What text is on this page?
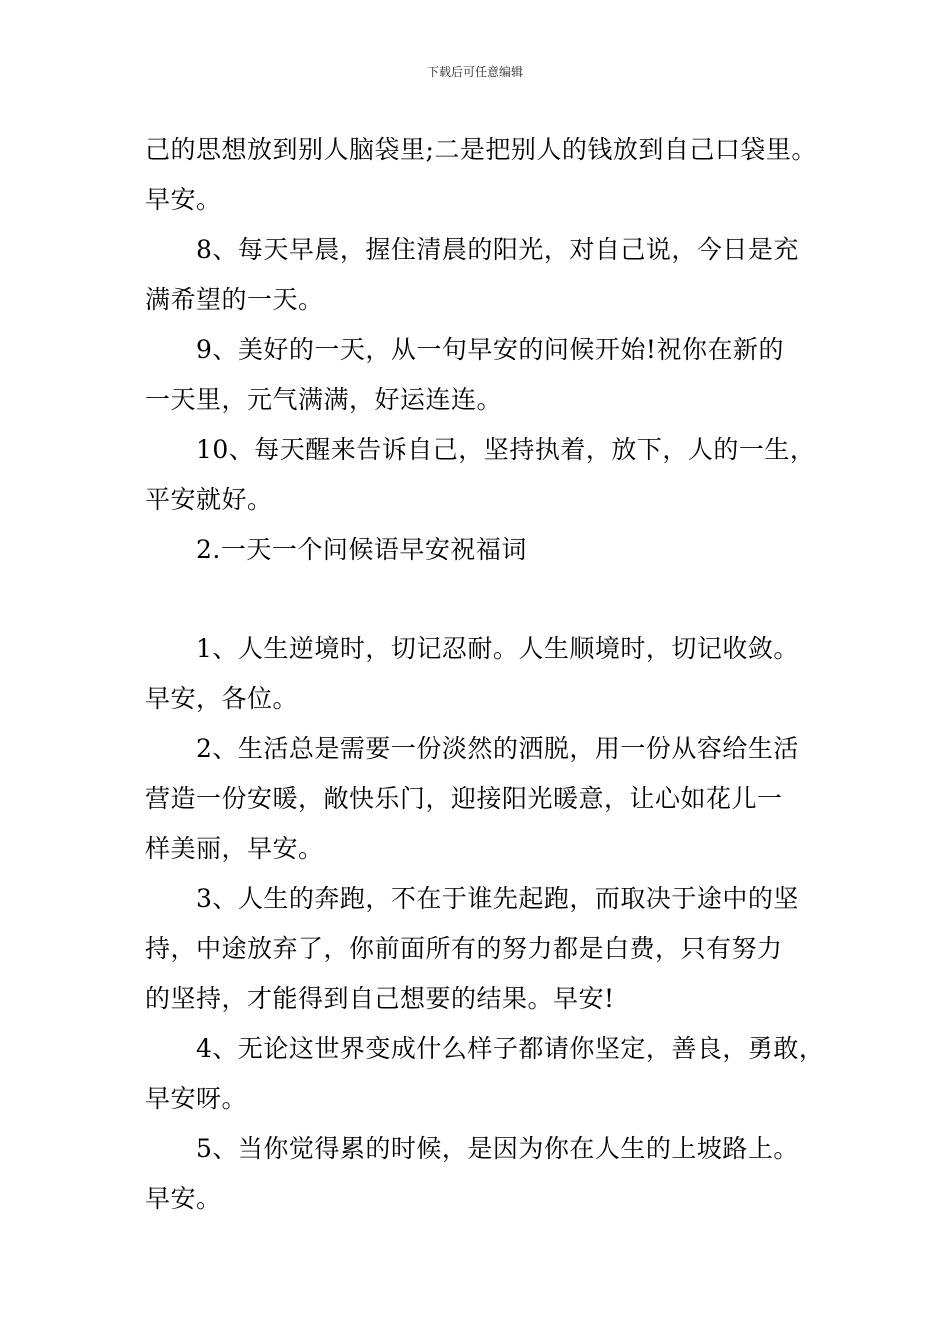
下载后可任意编辑
己的思想放到别人脑袋里;二是把别人的钱放到自己口袋里。
早安。
8、每天早晨，握住清晨的阳光，对自己说，今日是充
满希望的一天。
9、美好的一天，从一句早安的问候开始!祝你在新的
一天里，元气满满，好运连连。
10、每天醒来告诉自己，坚持执着，放下，人的一生，
平安就好。
2.一天一个问候语早安祝福词
1、人生逆境时，切记忍耐。人生顺境时，切记收敛。
早安，各位。
2、生活总是需要一份淡然的洒脱，用一份从容给生活
营造一份安暖，敞快乐门，迎接阳光暖意，让心如花儿一
样美丽，早安。
3、人生的奔跑，不在于谁先起跑，而取决于途中的坚
持，中途放弃了，你前面所有的努力都是白费，只有努力
的坚持，才能得到自己想要的结果。早安!
4、无论这世界变成什么样子都请你坚定，善良，勇敢，
早安呀。
5、当你觉得累的时候，是因为你在人生的上坡路上。
早安。
